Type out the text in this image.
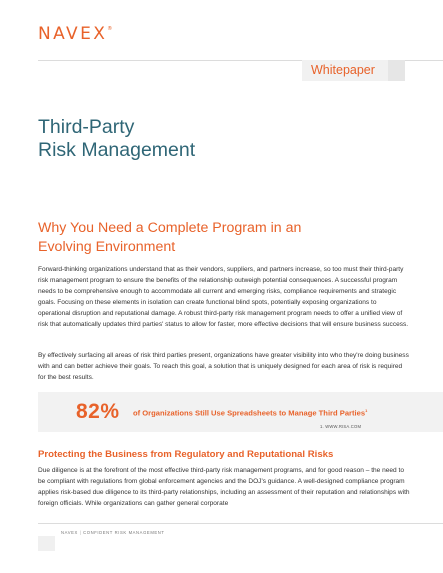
NAVEX®
Whitepaper
Third-Party
Risk Management
Why You Need a Complete Program in an
Evolving Environment
Forward-thinking organizations understand that as their vendors, suppliers, and partners increase, so too must their third-party risk management program to ensure the benefits of the relationship outweigh potential consequences. A successful program needs to be comprehensive enough to accommodate all current and emerging risks, compliance requirements and strategic goals. Focusing on these elements in isolation can create functional blind spots, potentially exposing organizations to operational disruption and reputational damage. A robust third-party risk management program needs to offer a unified view of risk that automatically updates third parties' status to allow for faster, more effective decisions that will ensure business success.
By effectively surfacing all areas of risk third parties present, organizations have greater visibility into who they're doing business with and can better achieve their goals. To reach this goal, a solution that is uniquely designed for each area of risk is required for the best results.
82% of Organizations Still Use Spreadsheets to Manage Third Parties$^1$
1. WWW.RISA.COM
Protecting the Business from Regulatory and Reputational Risks
Due diligence is at the forefront of the most effective third-party risk management programs, and for good reason – the need to be compliant with regulations from global enforcement agencies and the DOJ's guidance. A well-designed compliance program applies risk-based due diligence to its third-party relationships, including an assessment of their reputation and relationships with foreign officials. While organizations can gather general corporate
NAVEX | CONFIDENT RISK MANAGEMENT
